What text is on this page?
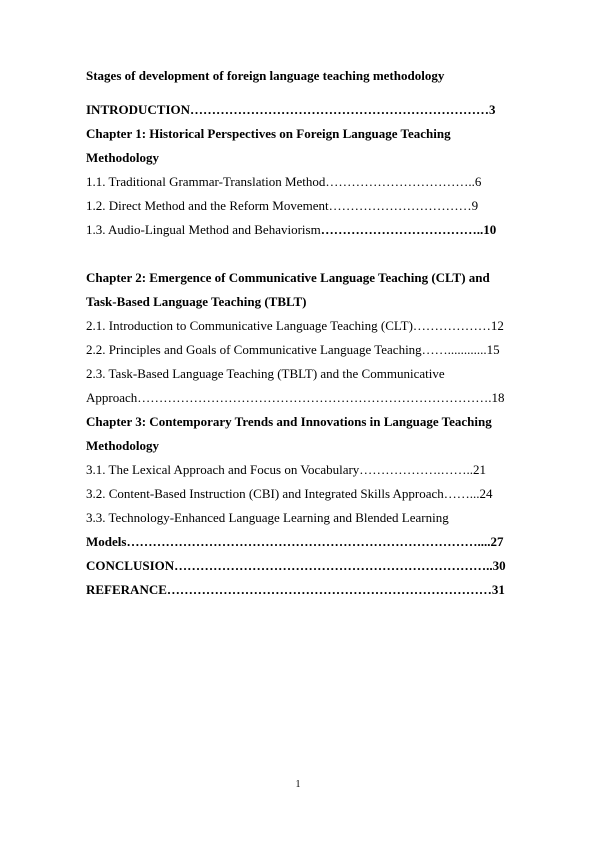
Stages of development of foreign language teaching methodology
INTRODUCTION……………………………………………………………3
Chapter 1: Historical Perspectives on Foreign Language Teaching
Methodology
1.1. Traditional Grammar-Translation Method……………………………..6
1.2. Direct Method and the Reform Movement……………………………9
1.3. Audio-Lingual Method and Behaviorism………………………………..10
Chapter 2: Emergence of Communicative Language Teaching (CLT) and
Task-Based Language Teaching (TBLT)
2.1. Introduction to Communicative Language Teaching (CLT)………………12
2.2. Principles and Goals of Communicative Language Teaching……............15
2.3. Task-Based Language Teaching (TBLT) and the Communicative
Approach……………………………………………………………………….18
Chapter 3: Contemporary Trends and Innovations in Language Teaching
Methodology
3.1. The Lexical Approach and Focus on Vocabulary……………….……..21
3.2. Content-Based Instruction (CBI) and Integrated Skills Approach……...24
3.3. Technology-Enhanced Language Learning and Blended Learning
Models………………………………………………………………………....27
CONCLUSION………………………………………………………………..30
REFERANCE…………………………………………………………………31
1
